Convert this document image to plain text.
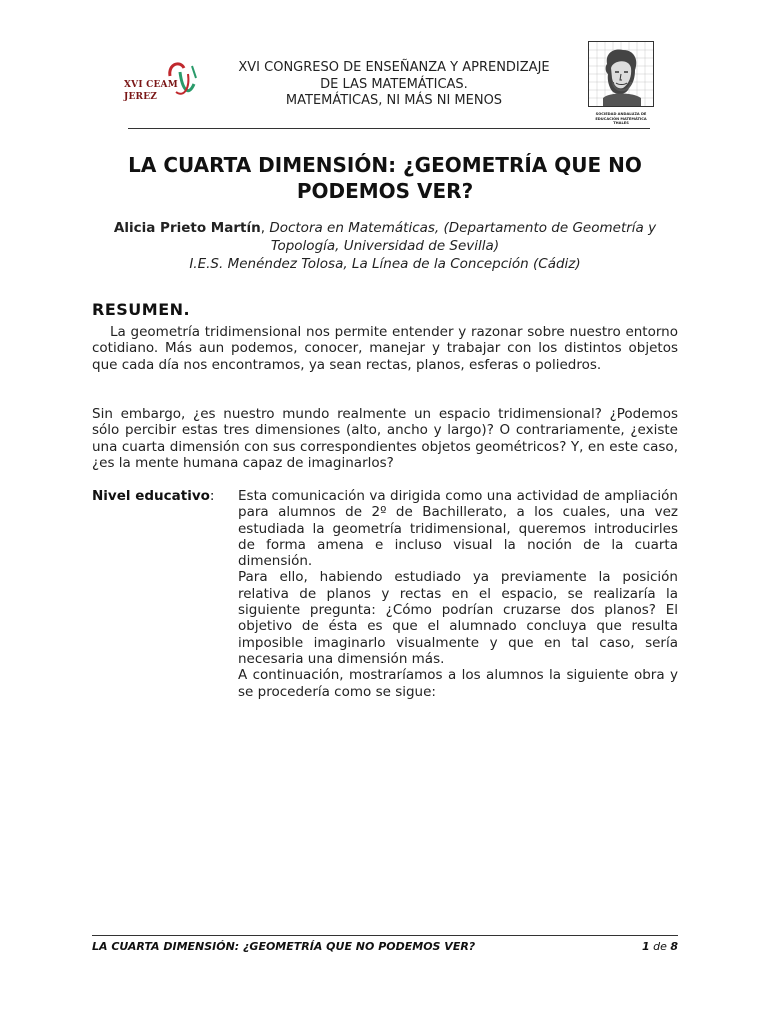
XVI CEAM
JEREZ
XVI CONGRESO DE ENSEÑANZA Y APRENDIZAJE
DE LAS MATEMÁTICAS.
MATEMÁTICAS, NI MÁS NI MENOS
SOCIEDAD ANDALUZA DE
EDUCACIÓN MATEMÁTICA
THALES
LA CUARTA DIMENSIÓN: ¿GEOMETRÍA QUE NO
PODEMOS VER?
Alicia Prieto Martín, Doctora en Matemáticas, (Departamento de Geometría y
Topología, Universidad de Sevilla)
I.E.S. Menéndez Tolosa, La Línea de la Concepción (Cádiz)
RESUMEN.
La geometría tridimensional nos permite entender y razonar sobre nuestro entorno cotidiano. Más aun podemos, conocer, manejar y trabajar con los distintos objetos que cada día nos encontramos, ya sean rectas, planos, esferas o poliedros.
Sin embargo, ¿es nuestro mundo realmente un espacio tridimensional? ¿Podemos sólo percibir estas tres dimensiones (alto, ancho y largo)? O contrariamente, ¿existe una cuarta dimensión con sus correspondientes objetos geométricos? Y, en este caso, ¿es la mente humana capaz de imaginarlos?
Nivel educativo: Esta comunicación va dirigida como una actividad de ampliación para alumnos de 2º de Bachillerato, a los cuales, una vez estudiada la geometría tridimensional, queremos introducirles de forma amena e incluso visual la noción de la cuarta dimensión.

Para ello, habiendo estudiado ya previamente la posición relativa de planos y rectas en el espacio, se realizaría la siguiente pregunta: ¿Cómo podrían cruzarse dos planos? El objetivo de ésta es que el alumnado concluya que resulta imposible imaginarlo visualmente y que en tal caso, sería necesaria una dimensión más.

A continuación, mostraríamos a los alumnos la siguiente obra y se procedería como se sigue:

LA CUARTA DIMENSIÓN: ¿GEOMETRÍA QUE NO PODEMOS VER?	1 de 8
